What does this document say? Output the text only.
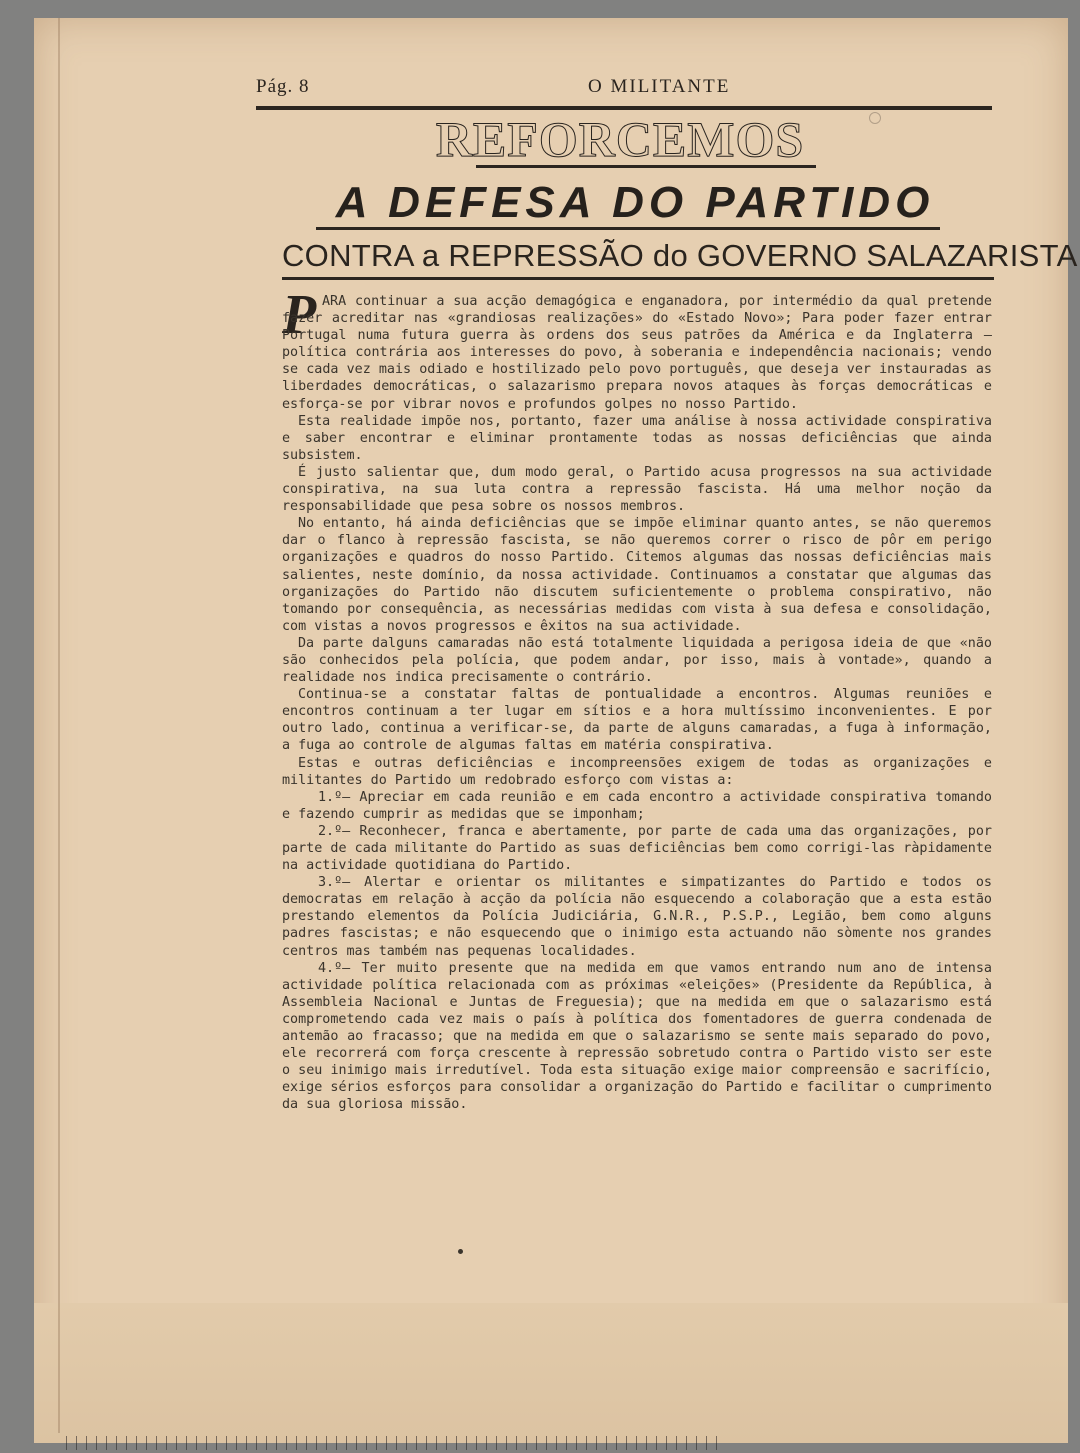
Pág. 8	O MILITANTE
REFORCEMOS
A DEFESA DO PARTIDO
CONTRA a REPRESSÃO do GOVERNO SALAZARISTA
P ARA continuar a sua acção demagógica e enganadora, por intermédio da qual pretende fazer acreditar nas «grandiosas realizações» do «Estado Novo»; Para poder fazer entrar Portugal numa futura guerra às ordens dos seus patrões da América e da Inglaterra —política contrária aos interesses do povo, à soberania e independência nacionais; vendo se cada vez mais odiado e hostilizado pelo povo português, que deseja ver instauradas as liberdades democráticas, o salazarismo prepara novos ataques às forças democráticas e esforça-se por vibrar novos e profundos golpes no nosso Partido.

Esta realidade impõe nos, portanto, fazer uma análise à nossa actividade conspirativa e saber encontrar e eliminar prontamente todas as nossas deficiências que ainda subsistem.

É justo salientar que, dum modo geral, o Partido acusa progressos na sua actividade conspirativa, na sua luta contra a repressão fascista. Há uma melhor noção da responsabilidade que pesa sobre os nossos membros.

No entanto, há ainda deficiências que se impõe eliminar quanto antes, se não queremos dar o flanco à repressão fascista, se não queremos correr o risco de pôr em perigo organizações e quadros do nosso Partido. Citemos algumas das nossas deficiências mais salientes, neste domínio, da nossa actividade. Continuamos a constatar que algumas das organizações do Partido não discutem suficientemente o problema conspirativo, não tomando por consequência, as necessárias medidas com vista à sua defesa e consolidação, com vistas a novos progressos e êxitos na sua actividade.

Da parte dalguns camaradas não está totalmente liquidada a perigosa ideia de que «não são conhecidos pela polícia, que podem andar, por isso, mais à vontade», quando a realidade nos indica precisamente o contrário.

Continua-se a constatar faltas de pontualidade a encontros. Algumas reuniões e encontros continuam a ter lugar em sítios e a hora multíssimo inconvenientes. E por outro lado, continua a verificar-se, da parte de alguns camaradas, a fuga à informação, a fuga ao controle de algumas faltas em matéria conspirativa.

Estas e outras deficiências e incompreensões exigem de todas as organizações e militantes do Partido um redobrado esforço com vistas a:

1.º— Apreciar em cada reunião e em cada encontro a actividade conspirativa tomando e fazendo cumprir as medidas que se imponham;

2.º— Reconhecer, franca e abertamente, por parte de cada uma das organizações, por parte de cada militante do Partido as suas deficiências bem como corrigi-las ràpidamente na actividade quotidiana do Partido.

3.º— Alertar e orientar os militantes e simpatizantes do Partido e todos os democratas em relação à acção da polícia não esquecendo a colaboração que a esta estão prestando elementos da Polícia Judiciária, G.N.R., P.S.P., Legião, bem como alguns padres fascistas; e não esquecendo que o inimigo esta actuando não sòmente nos grandes centros mas também nas pequenas localidades.

4.º— Ter muito presente que na medida em que vamos entrando num ano de intensa actividade política relacionada com as próximas «eleições» (Presidente da República, à Assembleia Nacional e Juntas de Freguesia); que na medida em que o salazarismo está comprometendo cada vez mais o país à política dos fomentadores de guerra condenada de antemão ao fracasso; que na medida em que o salazarismo se sente mais separado do povo, ele recorrerá com força crescente à repressão sobretudo contra o Partido visto ser este o seu inimigo mais irredutível. Toda esta situação exige maior compreensão e sacrifício, exige sérios esforços para consolidar a organização do Partido e facilitar o cumprimento da sua gloriosa missão.
